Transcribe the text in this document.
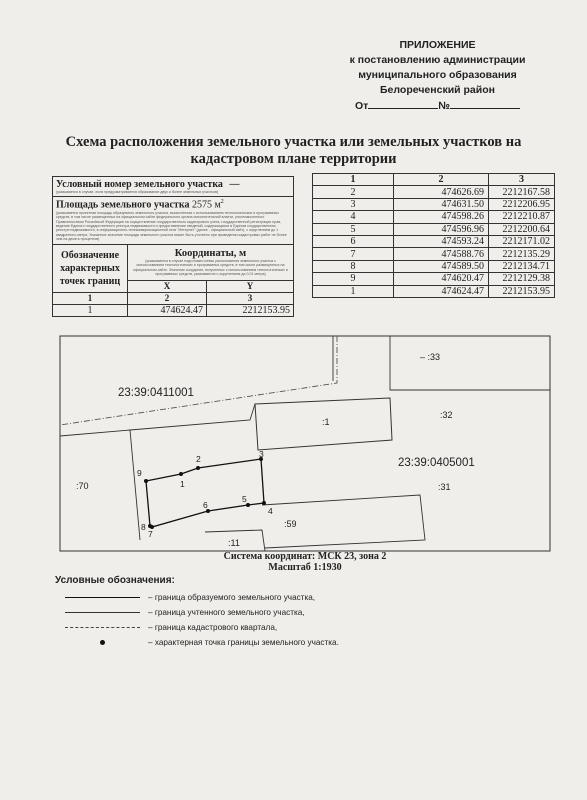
ПРИЛОЖЕНИЕ
к постановлению администрации
муниципального образования
Белореченский район
От	№
Схема расположения земельного участка или земельных участков на
кадастровом плане территории
Условный номер земельного участка —
(указывается в случае, если предусматривается образование двух и более земельных участков)		

Площадь земельного участка 2575 $м^2$
(указывается проектная площадь образуемого земельного участка, вычисленная с использованием технологических и программных средств, в том числе размещенных на официальном сайте федерального органа исполнительной власти, уполномоченного Правительством Российской Федерации на осуществление государственного кадастрового учета, государственной регистрации прав, ведение Единого государственного реестра недвижимости и предоставление сведений, содержащихся в Едином государственном реестре недвижимости, в информационно-телекоммуникационной сети "Интернет" (далее - официальный сайт), с округлением до 1 квадратного метра. Указанное значение площади земельного участка может быть уточнено при проведении кадастровых работ не более чем на десять процентов)		

Обозначение характерных точек границ	Координаты, м
(указываются в случае подготовки схемы расположения земельного участка с использованием технологических и программных средств, в том числе размещенных на официальном сайте. Значение координат, полученных с использованием технологических и программных средств, указываются с округлением до 0,01 метра)	

	X	Y
1	2	3
1	474624.47	2212153.95
1	2	3
2	474626.69	2212167.58
3	474631.50	2212206.95
4	474598.26	2212210.87
5	474596.96	2212200.64
6	474593.24	2212171.02
7	474588.76	2212135.29
8	474589.50	2212134.71
9	474620.47	2212129.38
1	474624.47	2212153.95
1
2	3
4
5
6
7
8
9
23:39:0411001
23:39:0405001
– :33
:32
:1
:31
:70
:59
:11
Система координат: МСК 23, зона 2
Масштаб 1:1930
Условные обозначения:
– граница образуемого земельного участка,
– граница учтенного земельного участка,
– граница кадастрового квартала,
– характерная точка границы земельного участка.
